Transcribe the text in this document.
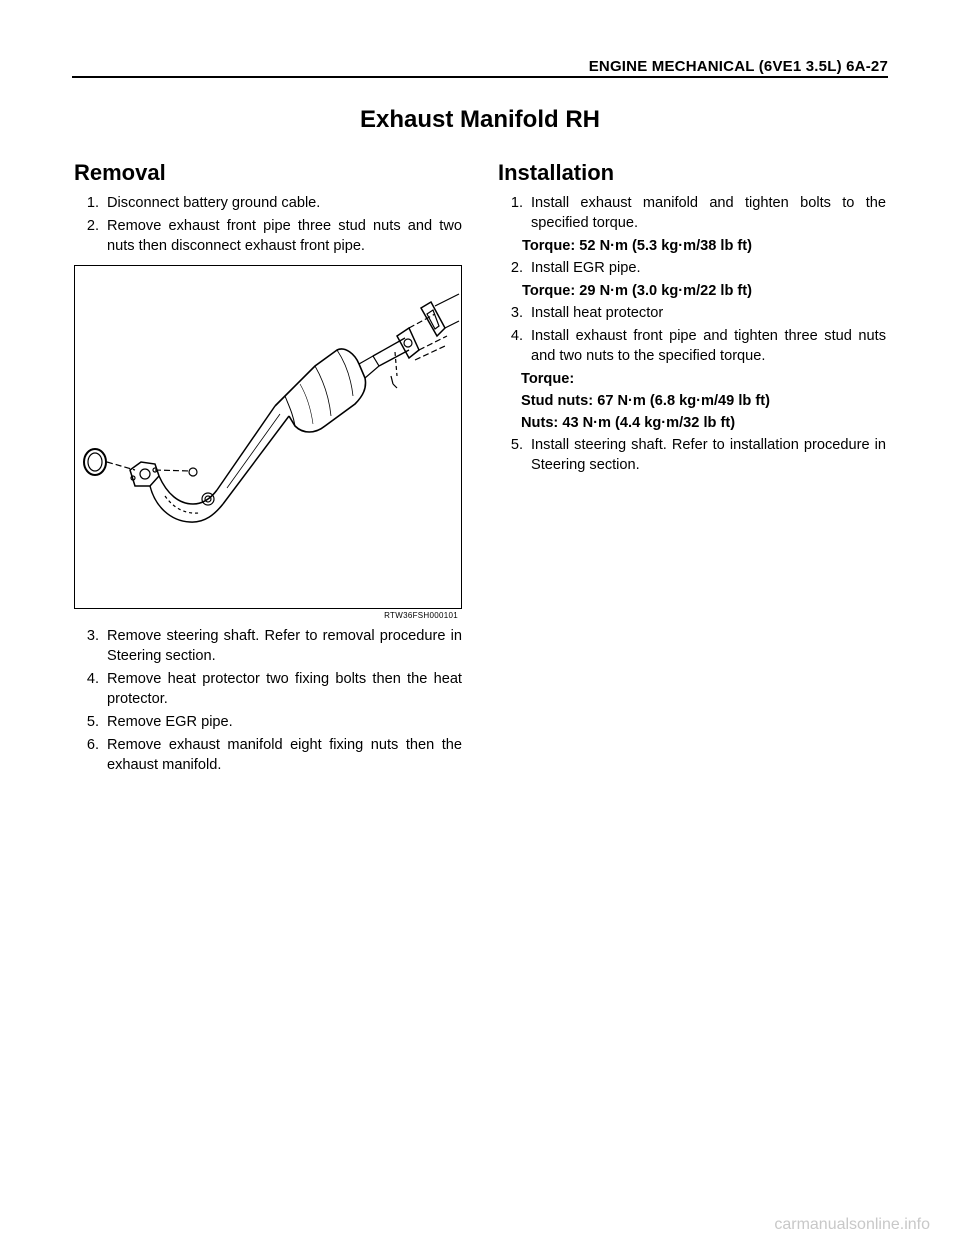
ENGINE MECHANICAL (6VE1 3.5L) 6A-27
Exhaust Manifold RH
Removal
1. Disconnect battery ground cable.
2. Remove exhaust front pipe three stud nuts and two nuts then disconnect exhaust front pipe.
RTW36FSH000101
3. Remove steering shaft. Refer to removal procedure in Steering section.
4. Remove heat protector two fixing bolts then the heat protector.
5. Remove EGR pipe.
6. Remove exhaust manifold eight fixing nuts then the exhaust manifold.
Installation
1. Install exhaust manifold and tighten bolts to the specified torque.
Torque: 52 N·m (5.3 kg·m/38 lb ft)
2. Install EGR pipe.
Torque: 29 N·m (3.0 kg·m/22 lb ft)
3. Install heat protector
4. Install exhaust front pipe and tighten three stud nuts and two nuts to the specified torque.
Torque:
Stud nuts: 67 N·m (6.8 kg·m/49 lb ft)
Nuts: 43 N·m (4.4 kg·m/32 lb ft)
5. Install steering shaft. Refer to installation procedure in Steering section.
carmanualsonline.info
